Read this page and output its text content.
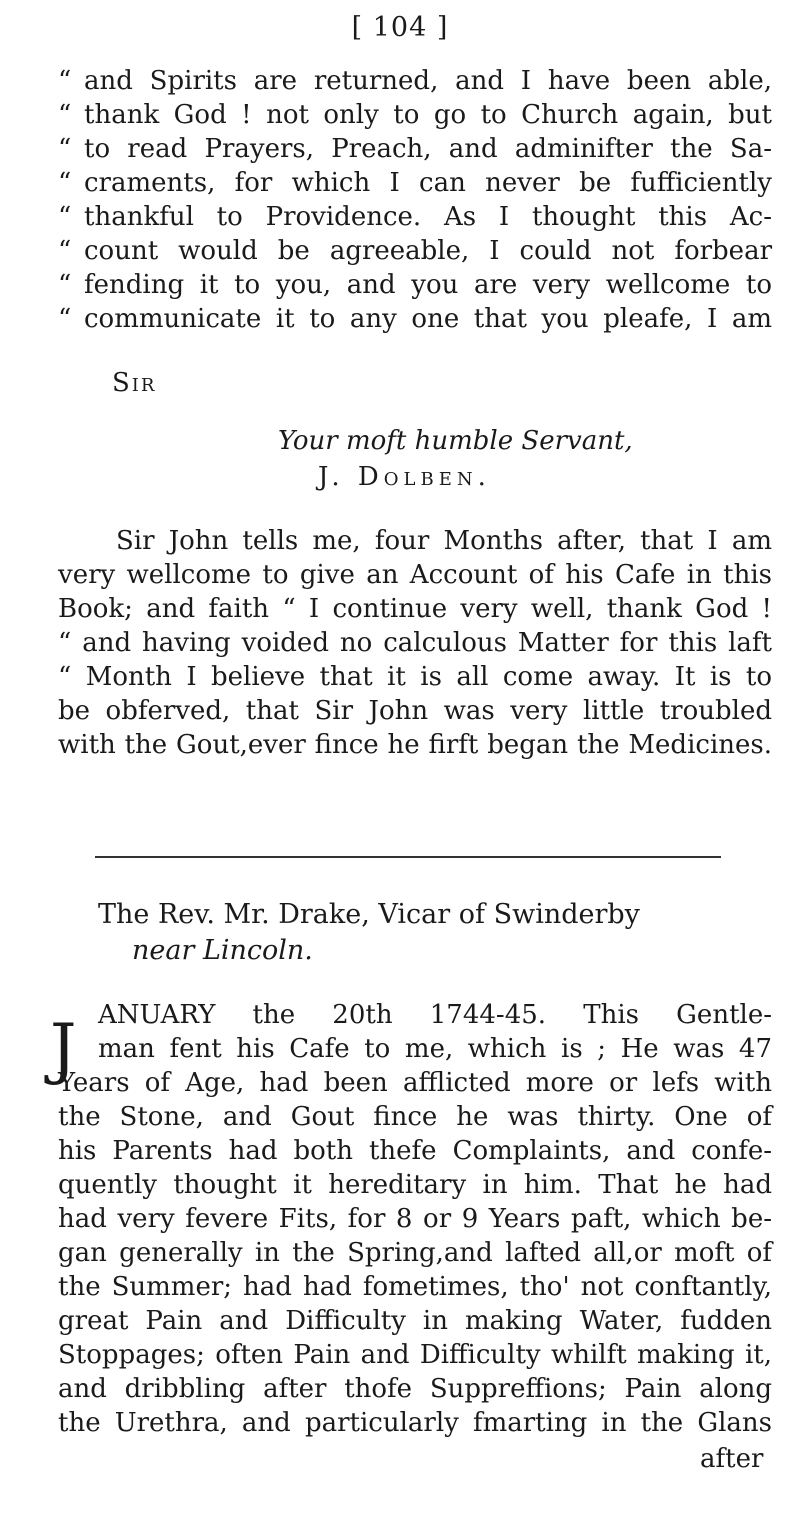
[ 104 ]
“ and Spirits are returned, and I have been able,
“ thank God ! not only to go to Church again, but
“ to read Prayers, Preach, and adminifter the Sa-
“ craments, for which I can never be fufficiently
“ thankful to Providence. As I thought this Ac-
“ count would be agreeable, I could not forbear
“ fending it to you, and you are very wellcome to
“ communicate it to any one that you pleafe, I am
Sir
Your moft humble Servant,
J. Dolben.
Sir John tells me, four Months after, that I am
very wellcome to give an Account of his Cafe in this
Book; and faith “ I continue very well, thank God !
“ and having voided no calculous Matter for this laft
“ Month I believe that it is all come away. It is to
be obferved, that Sir John was very little troubled
with the Gout,ever fince he firft began the Medicines.
The Rev. Mr. Drake, Vicar of Swinderby
near Lincoln.
J ANUARY the 20th 1744-45. This Gentle-
man fent his Cafe to me, which is ; He was 47
Years of Age, had been afflicted more or lefs with
the Stone, and Gout fince he was thirty. One of
his Parents had both thefe Complaints, and confe-
quently thought it hereditary in him. That he had
had very fevere Fits, for 8 or 9 Years paft, which be-
gan generally in the Spring,and lafted all,or moft of
the Summer; had had fometimes, tho' not conftantly,
great Pain and Difficulty in making Water, fudden
Stoppages; often Pain and Difficulty whilft making it,
and dribbling after thofe Suppreffions; Pain along
the Urethra, and particularly fmarting in the Glans
after
